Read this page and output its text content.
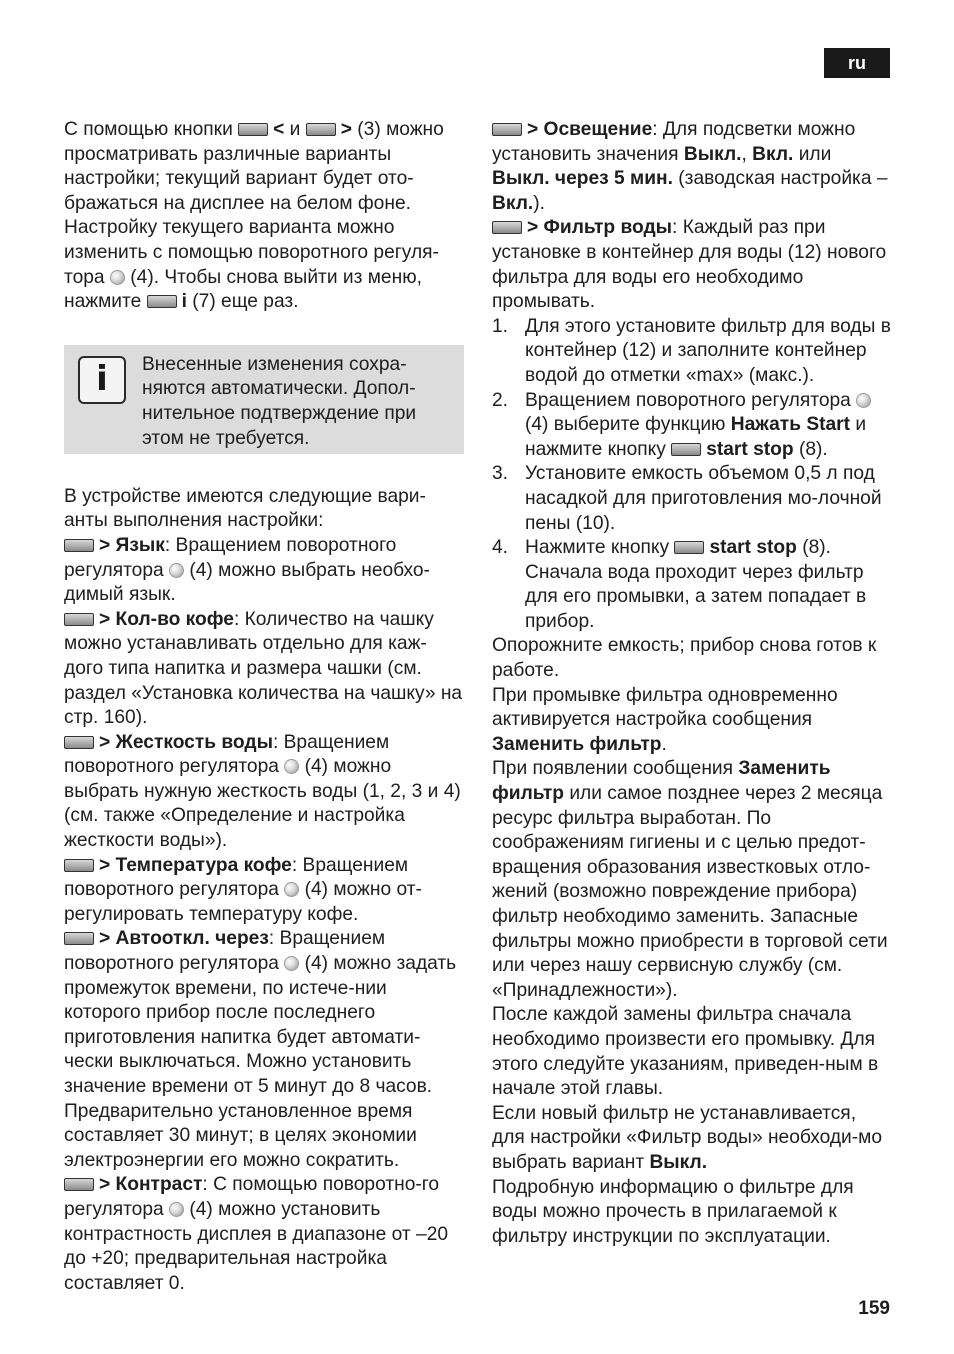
ru

С помощью кнопки < и > (3) можно просматривать различные варианты настройки; текущий вариант будет ото-бражаться на дисплее на белом фоне. Настройку текущего варианта можно изменить с помощью поворотного регуля-тора  (4). Чтобы снова выйти из меню, нажмите i (7) еще раз.

i	Внесенные изменения сохра-няются автоматически. Допол-нительное подтверждение при этом не требуется.

В устройстве имеются следующие вари-анты выполнения настройки:

> Язык: Вращением поворотного регулятора  (4) можно выбрать необхо-димый язык.

> Кол-во кофе: Количество на чашку можно устанавливать отдельно для каж-дого типа напитка и размера чашки (см. раздел «Установка количества на чашку» на стр. 160).

> Жесткость воды: Вращением поворотного регулятора  (4) можно выбрать нужную жесткость воды (1, 2, 3 и 4) (см. также «Определение и настройка жесткости воды»).

> Температура кофе: Вращением поворотного регулятора  (4) можно от-регулировать температуру кофе.

> Автооткл. через: Вращением поворотного регулятора  (4) можно задать промежуток времени, по истече-нии которого прибор после последнего приготовления напитка будет автомати-чески выключаться. Можно установить значение времени от 5 минут до 8 часов. Предварительно установленное время составляет 30 минут; в целях экономии электроэнергии его можно сократить.

> Контраст: С помощью поворотно-го регулятора  (4) можно установить контрастность дисплея в диапазоне от –20 до +20; предварительная настройка составляет 0.

> Освещение: Для подсветки можно установить значения Выкл., Вкл. или Выкл. через 5 мин. (заводская настройка – Вкл.).

> Фильтр воды: Каждый раз при установке в контейнер для воды (12) нового фильтра для воды его необходимо промывать.

1. Для этого установите фильтр для воды в контейнер (12) и заполните контейнер водой до отметки «max» (макс.).
2. Вращением поворотного регулятора  (4) выберите функцию Нажать Start и нажмите кнопку start stop (8).
3. Установите емкость объемом 0,5 л под насадкой для приготовления мо-лочной пены (10).
4. Нажмите кнопку start stop (8). Сначала вода проходит через фильтр для его промывки, а затем попадает в прибор.

Опорожните емкость; прибор снова готов к работе.

При промывке фильтра одновременно активируется настройка сообщения Заменить фильтр.

При появлении сообщения Заменить фильтр или самое позднее через 2 месяца ресурс фильтра выработан. По соображениям гигиены и с целью предот-вращения образования известковых отло-жений (возможно повреждение прибора) фильтр необходимо заменить. Запасные фильтры можно приобрести в торговой сети или через нашу сервисную службу (см. «Принадлежности»).

После каждой замены фильтра сначала необходимо произвести его промывку. Для этого следуйте указаниям, приведен-ным в начале этой главы.

Если новый фильтр не устанавливается, для настройки «Фильтр воды» необходи-мо выбрать вариант Выкл.

Подробную информацию о фильтре для воды можно прочесть в прилагаемой к фильтру инструкции по эксплуатации.

159
